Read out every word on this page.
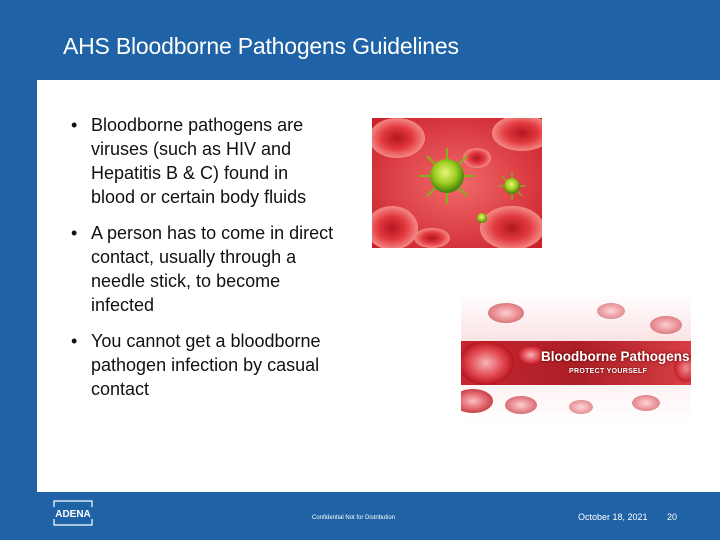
AHS Bloodborne Pathogens Guidelines
• Bloodborne pathogens are viruses (such as HIV and Hepatitis B & C) found in blood or certain body fluids
• A person has to come in direct contact, usually through a needle stick, to become infected
• You cannot get a bloodborne pathogen infection by casual contact
Bloodborne Pathogens
PROTECT YOURSELF
ADENA	Confidential Not for Distribution	October 18, 2021 20
